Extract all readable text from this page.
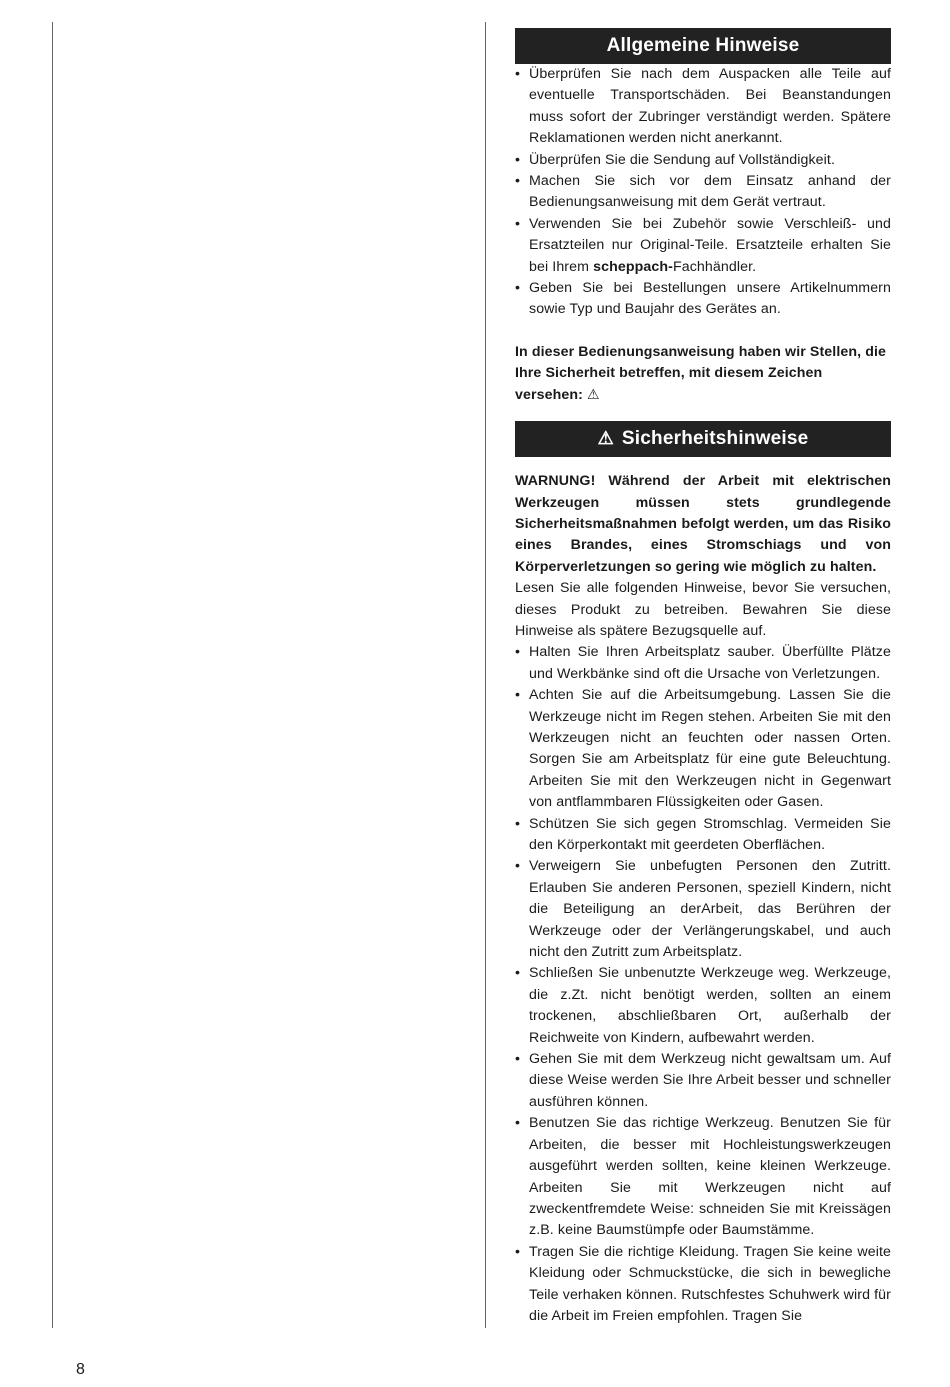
Allgemeine Hinweise
• Überprüfen Sie nach dem Auspacken alle Teile auf eventuelle Transportschäden. Bei Beanstandungen muss sofort der Zubringer verständigt werden. Spätere Reklamationen werden nicht anerkannt.
• Überprüfen Sie die Sendung auf Vollständigkeit.
• Machen Sie sich vor dem Einsatz anhand der Bedienungsanweisung mit dem Gerät vertraut.
• Verwenden Sie bei Zubehör sowie Verschleiß- und Ersatzteilen nur Original-Teile. Ersatzteile erhalten Sie bei Ihrem scheppach-Fachhändler.
• Geben Sie bei Bestellungen unsere Artikelnummern sowie Typ und Baujahr des Gerätes an.
In dieser Bedienungsanweisung haben wir Stellen, die Ihre Sicherheit betreffen, mit diesem Zeichen versehen: ⚠
⚠ Sicherheitshinweise
WARNUNG! Während der Arbeit mit elektrischen Werkzeugen müssen stets grundlegende Sicherheitsmaßnahmen befolgt werden, um das Risiko eines Brandes, eines Stromschiags und von Körperverletzungen so gering wie möglich zu halten.
Lesen Sie alle folgenden Hinweise, bevor Sie versuchen, dieses Produkt zu betreiben. Bewahren Sie diese Hinweise als spätere Bezugsquelle auf.
• Halten Sie Ihren Arbeitsplatz sauber. Überfüllte Plätze und Werkbänke sind oft die Ursache von Verletzungen.
• Achten Sie auf die Arbeitsumgebung. Lassen Sie die Werkzeuge nicht im Regen stehen. Arbeiten Sie mit den Werkzeugen nicht an feuchten oder nassen Orten. Sorgen Sie am Arbeitsplatz für eine gute Beleuchtung. Arbeiten Sie mit den Werkzeugen nicht in Gegenwart von antflammbaren Flüssigkeiten oder Gasen.
• Schützen Sie sich gegen Stromschlag. Vermeiden Sie den Körperkontakt mit geerdeten Oberflächen.
• Verweigern Sie unbefugten Personen den Zutritt. Erlauben Sie anderen Personen, speziell Kindern, nicht die Beteiligung an derArbeit, das Berühren der Werkzeuge oder der Verlängerungskabel, und auch nicht den Zutritt zum Arbeitsplatz.
• Schließen Sie unbenutzte Werkzeuge weg. Werkzeuge, die z.Zt. nicht benötigt werden, sollten an einem trockenen, abschließbaren Ort, außerhalb der Reichweite von Kindern, aufbewahrt werden.
• Gehen Sie mit dem Werkzeug nicht gewaltsam um. Auf diese Weise werden Sie Ihre Arbeit besser und schneller ausführen können.
• Benutzen Sie das richtige Werkzeug. Benutzen Sie für Arbeiten, die besser mit Hochleistungswerkzeugen ausgeführt werden sollten, keine kleinen Werkzeuge. Arbeiten Sie mit Werkzeugen nicht auf zweckentfremdete Weise: schneiden Sie mit Kreissägen z.B. keine Baumstümpfe oder Baumstämme.
• Tragen Sie die richtige Kleidung. Tragen Sie keine weite Kleidung oder Schmuckstücke, die sich in bewegliche Teile verhaken können. Rutschfestes Schuhwerk wird für die Arbeit im Freien empfohlen. Tragen Sie
8
